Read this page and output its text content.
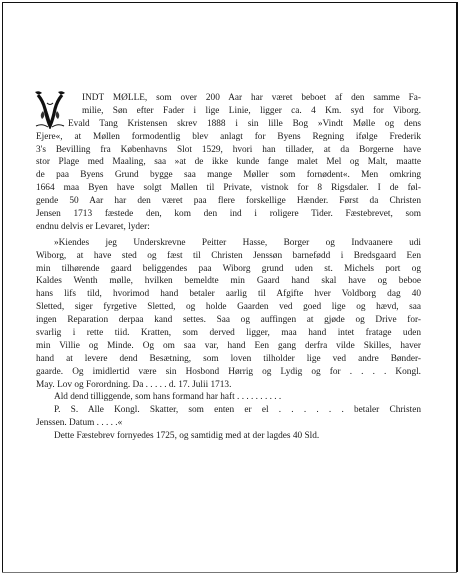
INDT MØLLE, som over 200 Aar har været beboet af den samme Fa-
milie, Søn efter Fader i lige Linie, ligger ca. 4 Km. syd for Viborg.
Evald Tang Kristensen skrev 1888 i sin lille Bog »Vindt Mølle og dens
Ejere«, at Møllen formodentlig blev anlagt for Byens Regning ifølge Frederik
3's Bevilling fra Københavns Slot 1529, hvori han tillader, at da Borgerne have
stor Plage med Maaling, saa »at de ikke kunde fange malet Mel og Malt, maatte
de paa Byens Grund bygge saa mange Møller som fornødent«. Men omkring
1664 maa Byen have solgt Møllen til Private, vistnok for 8 Rigsdaler. I de føl-
gende 50 Aar har den været paa flere forskellige Hænder. Først da Christen
Jensen 1713 fæstede den, kom den ind i roligere Tider. Fæstebrevet, som
endnu delvis er Levaret, lyder:
»Kiendes jeg Underskrevne Peitter Hasse, Borger og Indvaanere udi
Wiborg, at have sted og fæst til Christen Jenssøn barnefødd i Bredsgaard Een
min tilhørende gaard beliggendes paa Wiborg grund uden st. Michels port og
Kaldes Wenth mølle, hvilken bemeldte min Gaard hand skal have og beboe
hans lifs tild, hvorimod hand betaler aarlig til Afgifte hver Voldborg dag 40
Sletted, siger fyrgetive Sletted, og holde Gaarden ved goed lige og hævd, saa
ingen Reparation derpaa kand settes. Saa og auffingen at gjøde og Drive for-
svarlig i rette tiid. Kratten, som derved ligger, maa hand intet fratage uden
min Villie og Minde. Og om saa var, hand Een gang derfra vilde Skilles, haver
hand at levere dend Besætning, som loven tilholder lige ved andre Bønder-
gaarde. Og imidlertid være sin Hosbond Hørrig og Lydig og for . . . . Kongl.
May. Lov og Forordning. Da . . . . . d. 17. Julii 1713.
Ald dend tilliggende, som hans formand har haft . . . . . . . . . .
P. S. Alle Kongl. Skatter, som enten er el . . . . . . betaler Christen
Jenssen. Datum . . . . .«
Dette Fæstebrev fornyedes 1725, og samtidig med at der lagdes 40 Sld.
